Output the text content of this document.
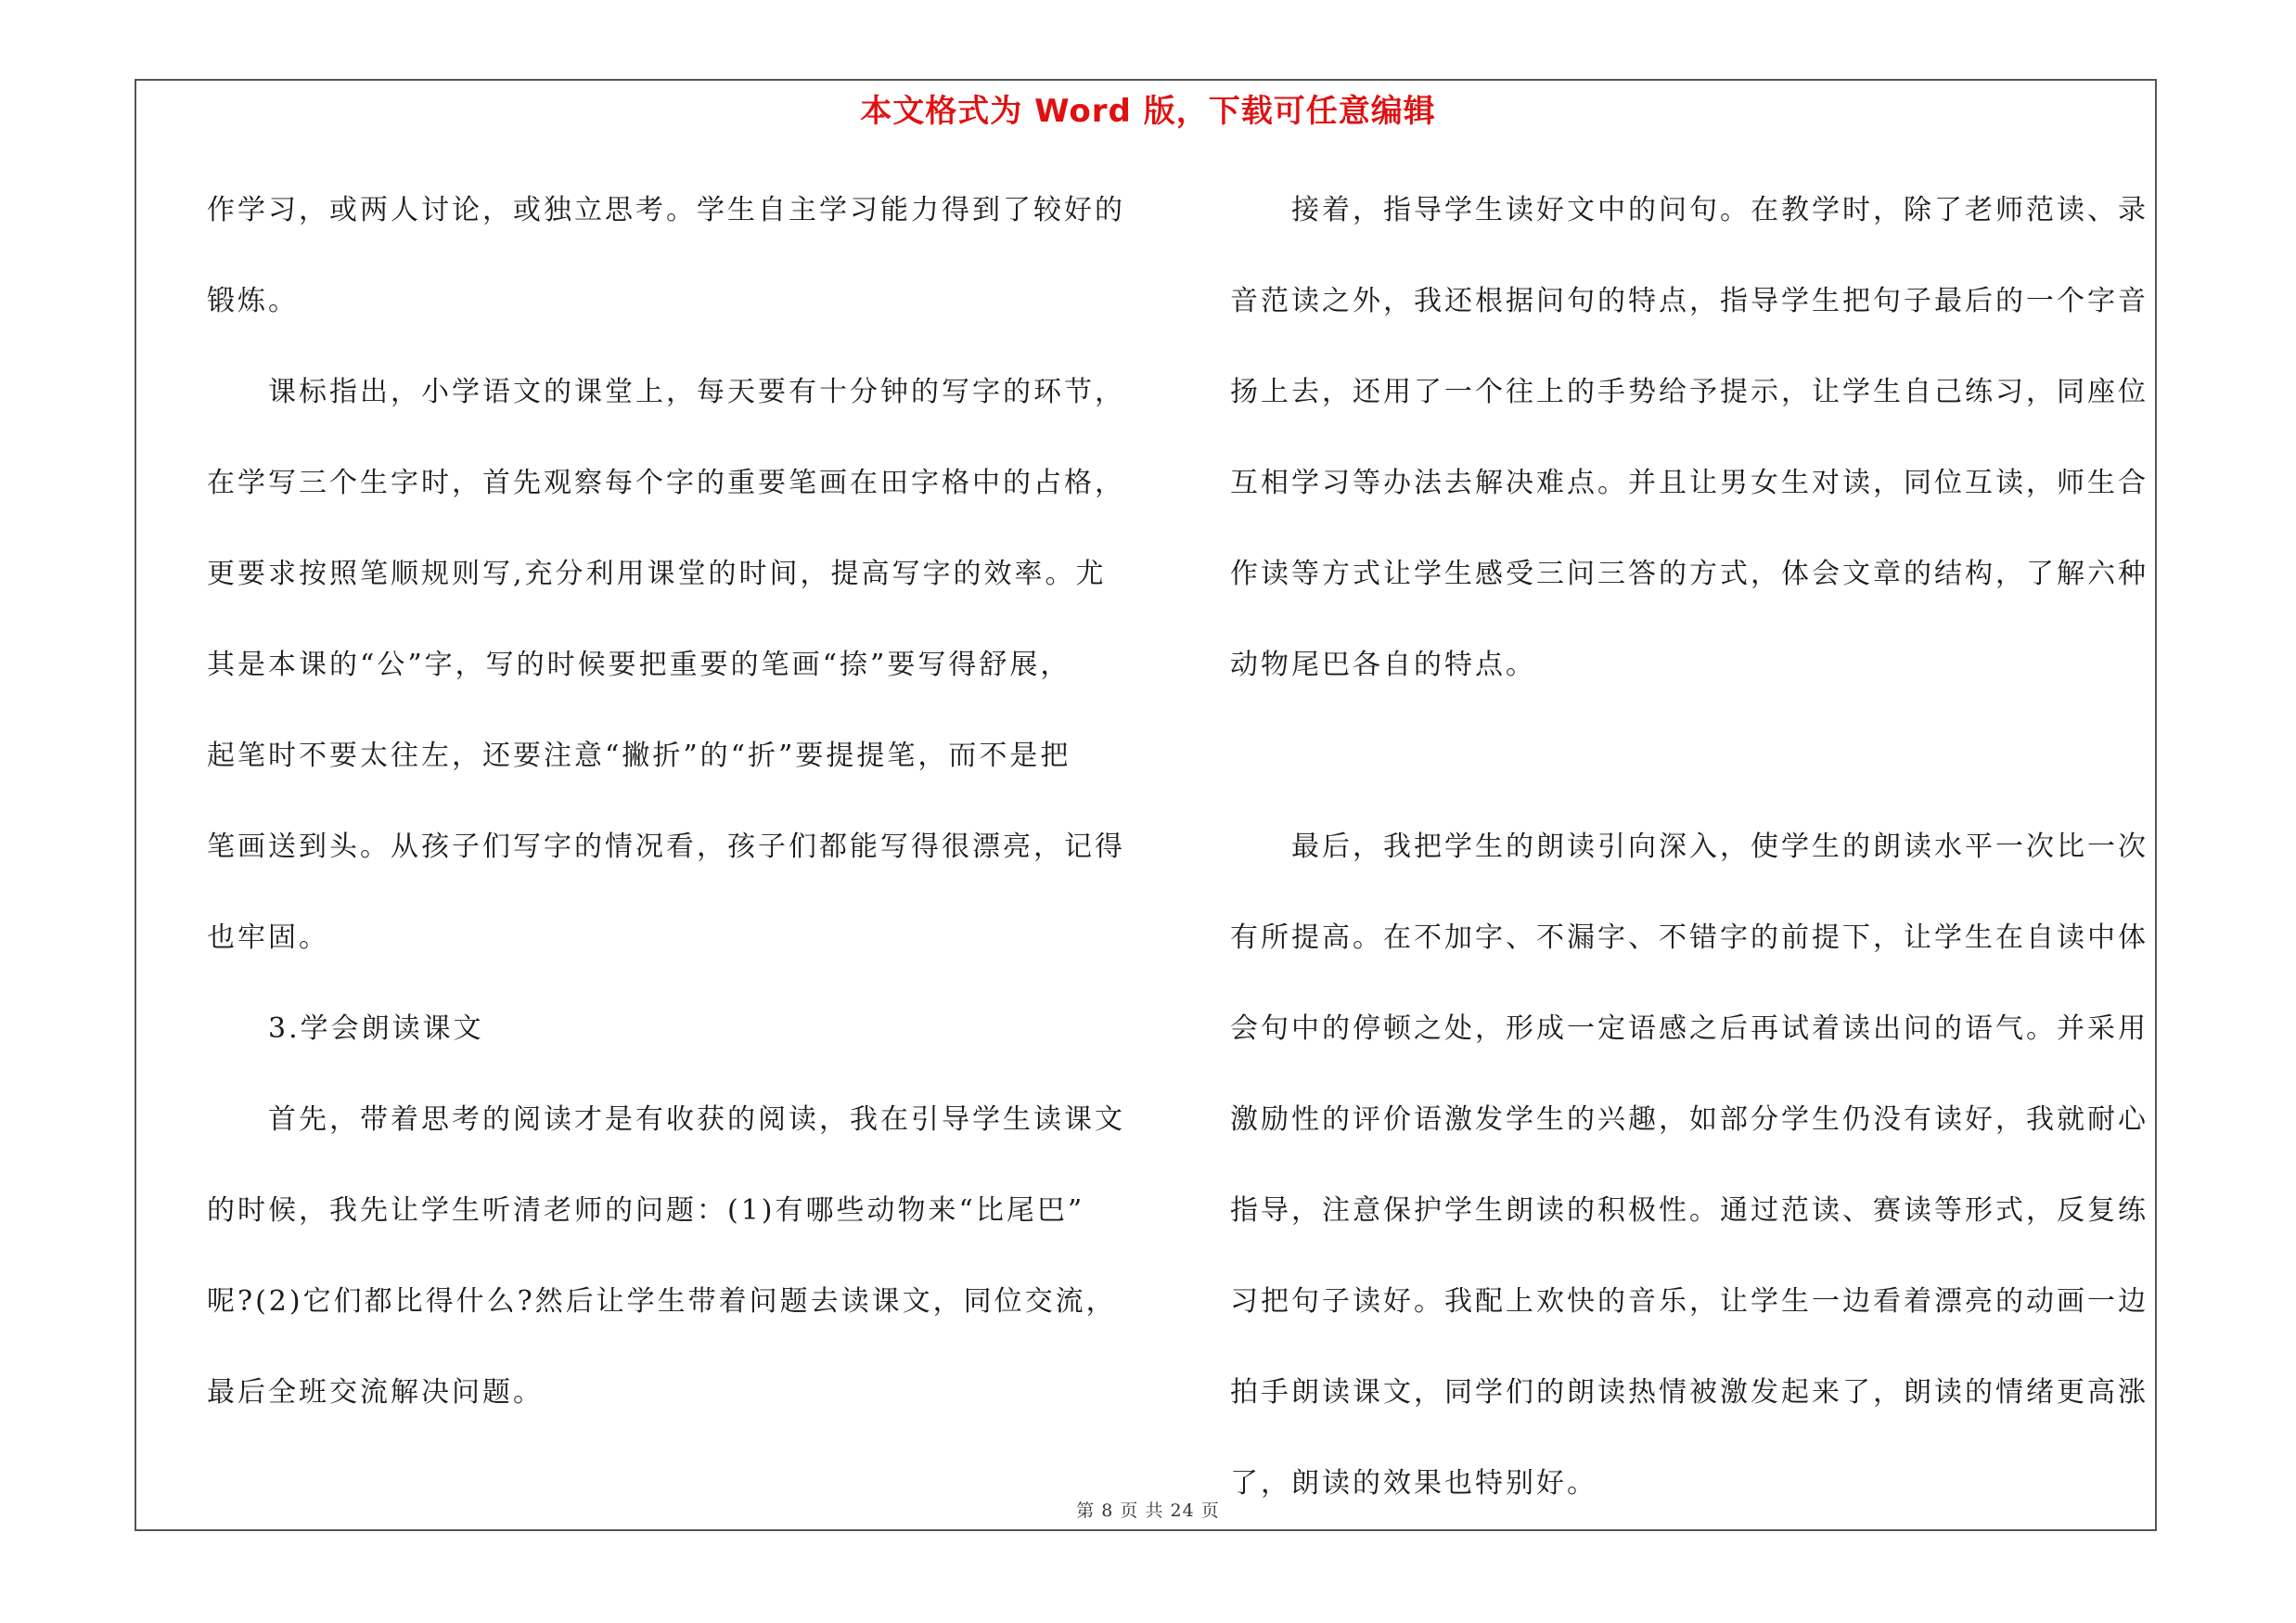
本文格式为 Word 版，下载可任意编辑
作学习，或两人讨论，或独立思考。学生自主学习能力得到了较好的
锻炼。
课标指出，小学语文的课堂上，每天要有十分钟的写字的环节，
在学写三个生字时，首先观察每个字的重要笔画在田字格中的占格，
更要求按照笔顺规则写,充分利用课堂的时间，提高写字的效率。尤
其是本课的“公”字，写的时候要把重要的笔画“捺”要写得舒展，
起笔时不要太往左，还要注意“撇折”的“折”要提提笔，而不是把
笔画送到头。从孩子们写字的情况看，孩子们都能写得很漂亮，记得
也牢固。
3.学会朗读课文
首先，带着思考的阅读才是有收获的阅读，我在引导学生读课文
的时候，我先让学生听清老师的问题：(1)有哪些动物来“比尾巴”
呢?(2)它们都比得什么?然后让学生带着问题去读课文，同位交流，
最后全班交流解决问题。
接着，指导学生读好文中的问句。在教学时，除了老师范读、录
音范读之外，我还根据问句的特点，指导学生把句子最后的一个字音
扬上去，还用了一个往上的手势给予提示，让学生自己练习，同座位
互相学习等办法去解决难点。并且让男女生对读，同位互读，师生合
作读等方式让学生感受三问三答的方式，体会文章的结构，了解六种
动物尾巴各自的特点。
最后，我把学生的朗读引向深入，使学生的朗读水平一次比一次
有所提高。在不加字、不漏字、不错字的前提下，让学生在自读中体
会句中的停顿之处，形成一定语感之后再试着读出问的语气。并采用
激励性的评价语激发学生的兴趣，如部分学生仍没有读好，我就耐心
指导，注意保护学生朗读的积极性。通过范读、赛读等形式，反复练
习把句子读好。我配上欢快的音乐，让学生一边看着漂亮的动画一边
拍手朗读课文，同学们的朗读热情被激发起来了，朗读的情绪更高涨
了，朗读的效果也特别好。
第 8 页 共 24 页
